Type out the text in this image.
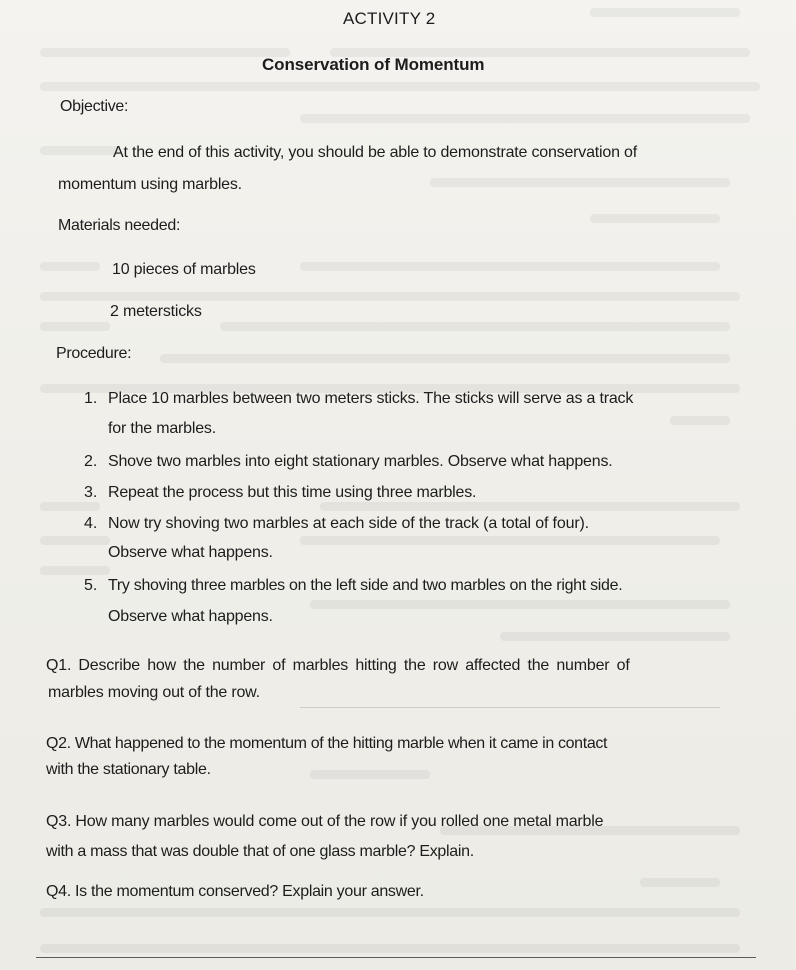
ACTIVITY 2
Conservation of Momentum
Objective:
At the end of this activity, you should be able to demonstrate conservation of
momentum using marbles.
Materials needed:
10 pieces of marbles
2 metersticks
Procedure:
1. Place 10 marbles between two meters sticks. The sticks will serve as a track
for the marbles.
2. Shove two marbles into eight stationary marbles. Observe what happens.
3. Repeat the process but this time using three marbles.
4. Now try shoving two marbles at each side of the track (a total of four).
Observe what happens.
5. Try shoving three marbles on the left side and two marbles on the right side.
Observe what happens.
Q1. Describe how the number of marbles hitting the row affected the number of
marbles moving out of the row.
Q2. What happened to the momentum of the hitting marble when it came in contact
with the stationary table.
Q3. How many marbles would come out of the row if you rolled one metal marble
with a mass that was double that of one glass marble? Explain.
Q4. Is the momentum conserved? Explain your answer.
